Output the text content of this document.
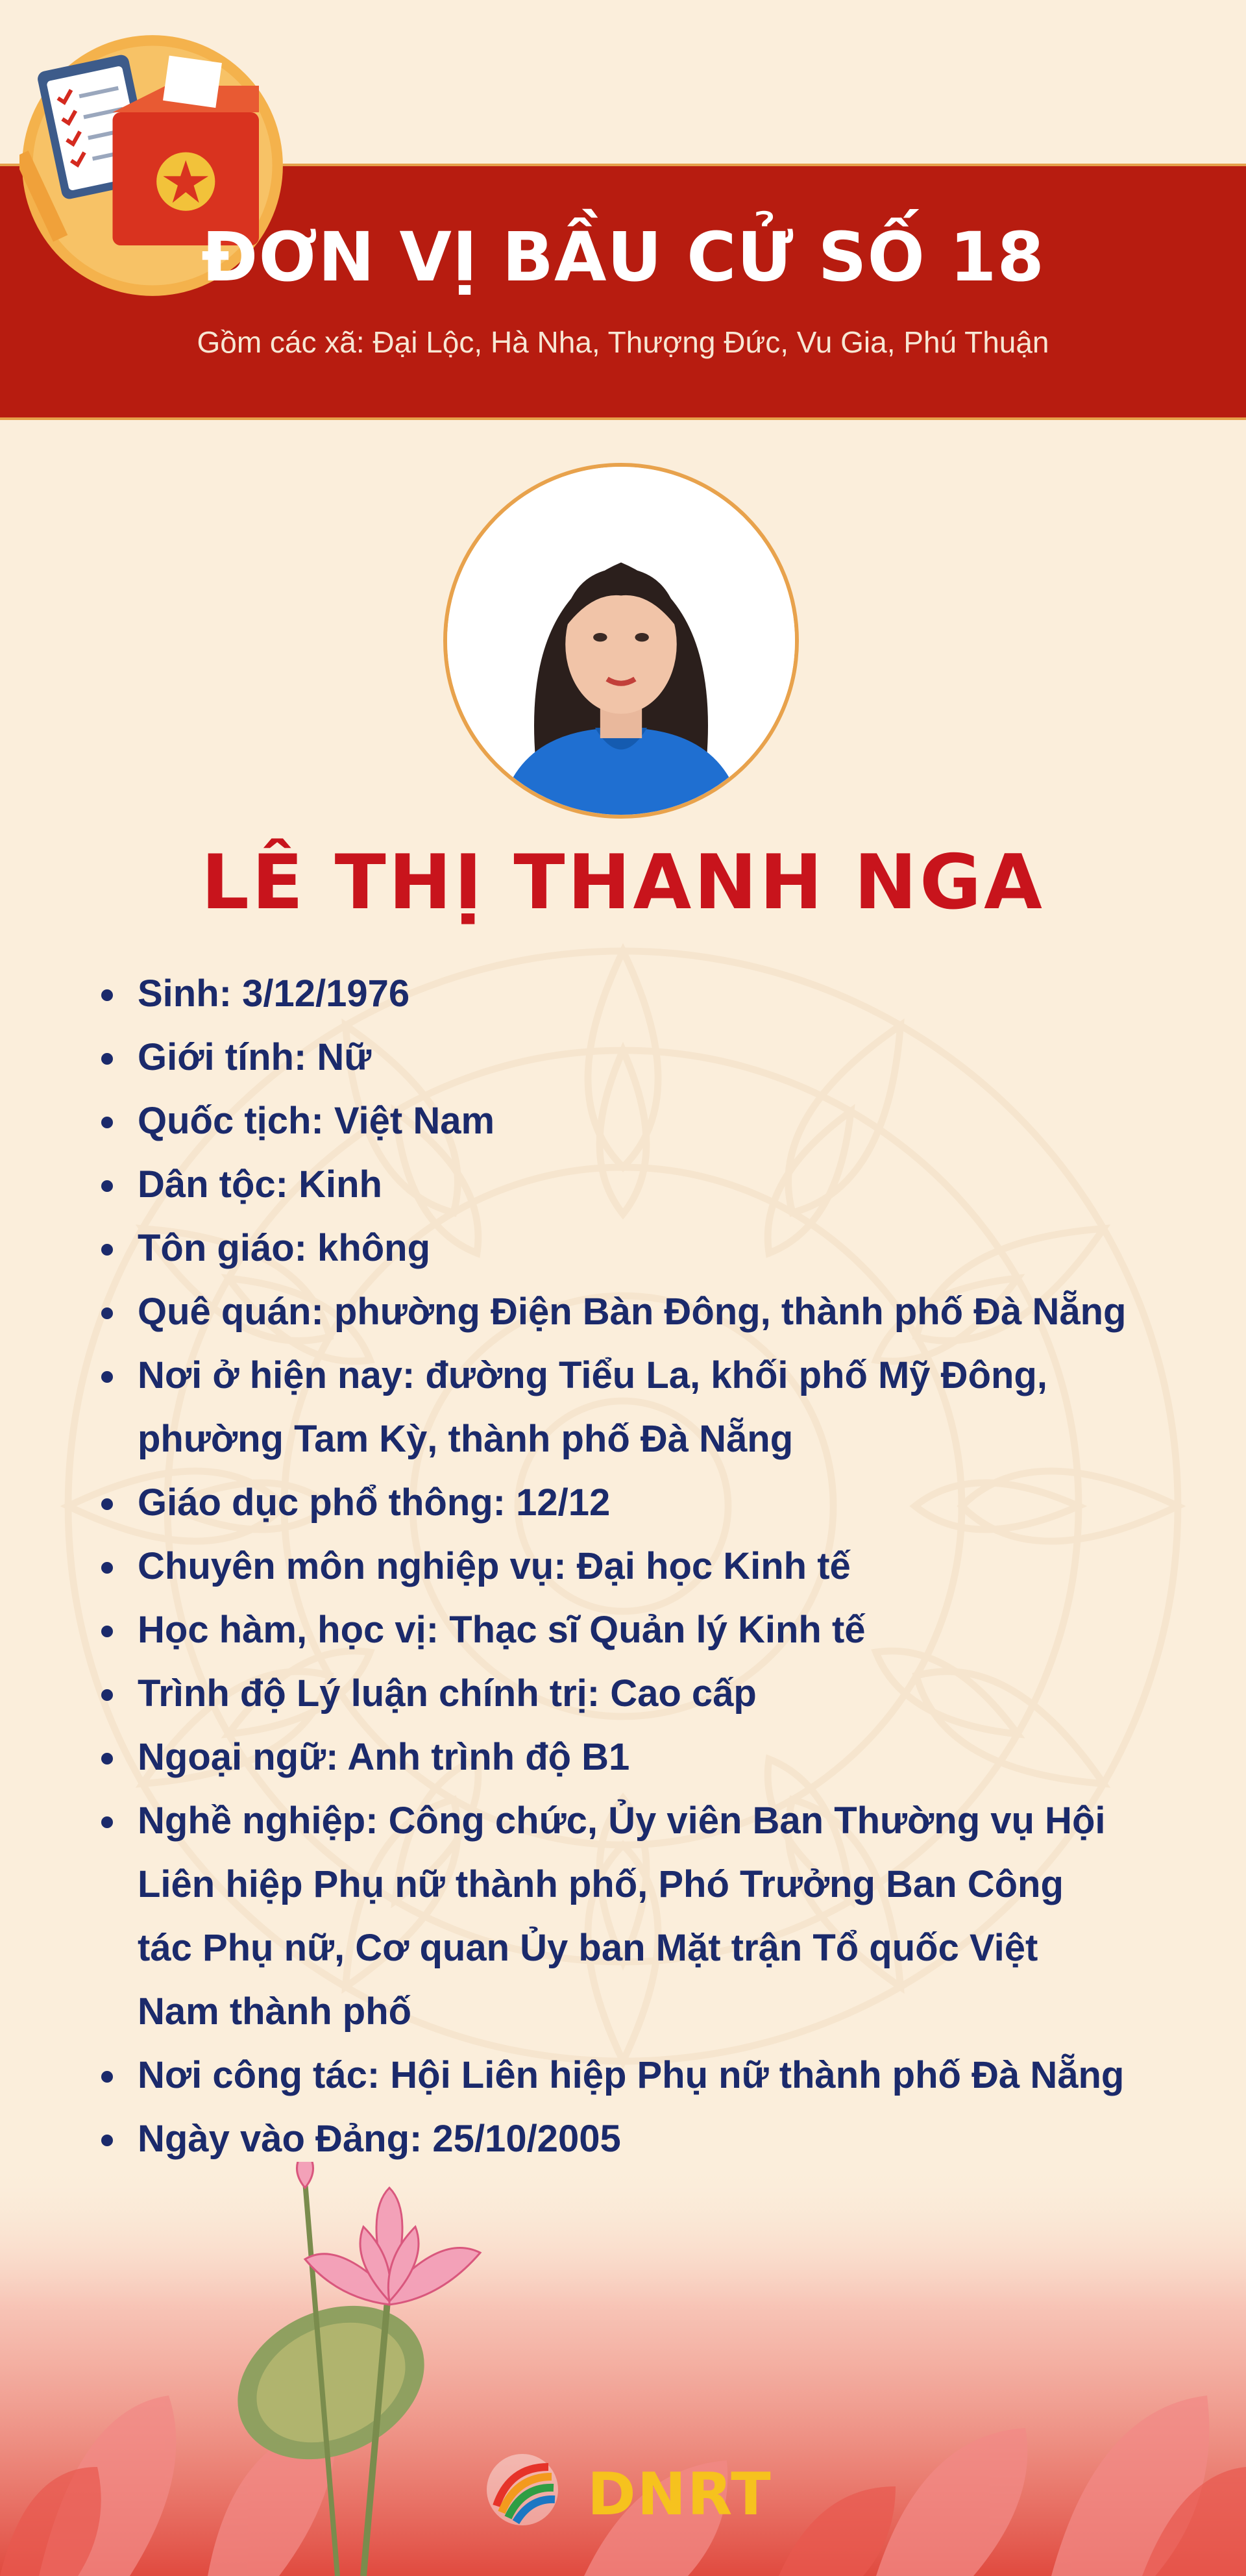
ĐƠN VỊ BẦU CỬ SỐ 18
Gồm các xã: Đại Lộc, Hà Nha, Thượng Đức, Vu Gia, Phú Thuận
LÊ THỊ THANH NGA
Sinh: 3/12/1976
Giới tính: Nữ
Quốc tịch: Việt Nam
Dân tộc: Kinh
Tôn giáo: không
Quê quán: phường Điện Bàn Đông, thành phố Đà Nẵng
Nơi ở hiện nay: đường Tiểu La, khối phố Mỹ Đông,
phường Tam Kỳ, thành phố Đà Nẵng
Giáo dục phổ thông: 12/12
Chuyên môn nghiệp vụ: Đại học Kinh tế
Học hàm, học vị: Thạc sĩ Quản lý Kinh tế
Trình độ Lý luận chính trị: Cao cấp
Ngoại ngữ: Anh trình độ B1
Nghề nghiệp: Công chức, Ủy viên Ban Thường vụ Hội
Liên hiệp Phụ nữ thành phố, Phó Trưởng Ban Công
tác Phụ nữ, Cơ quan Ủy ban Mặt trận Tổ quốc Việt
Nam thành phố
Nơi công tác: Hội Liên hiệp Phụ nữ thành phố Đà Nẵng
Ngày vào Đảng: 25/10/2005
DNRT
